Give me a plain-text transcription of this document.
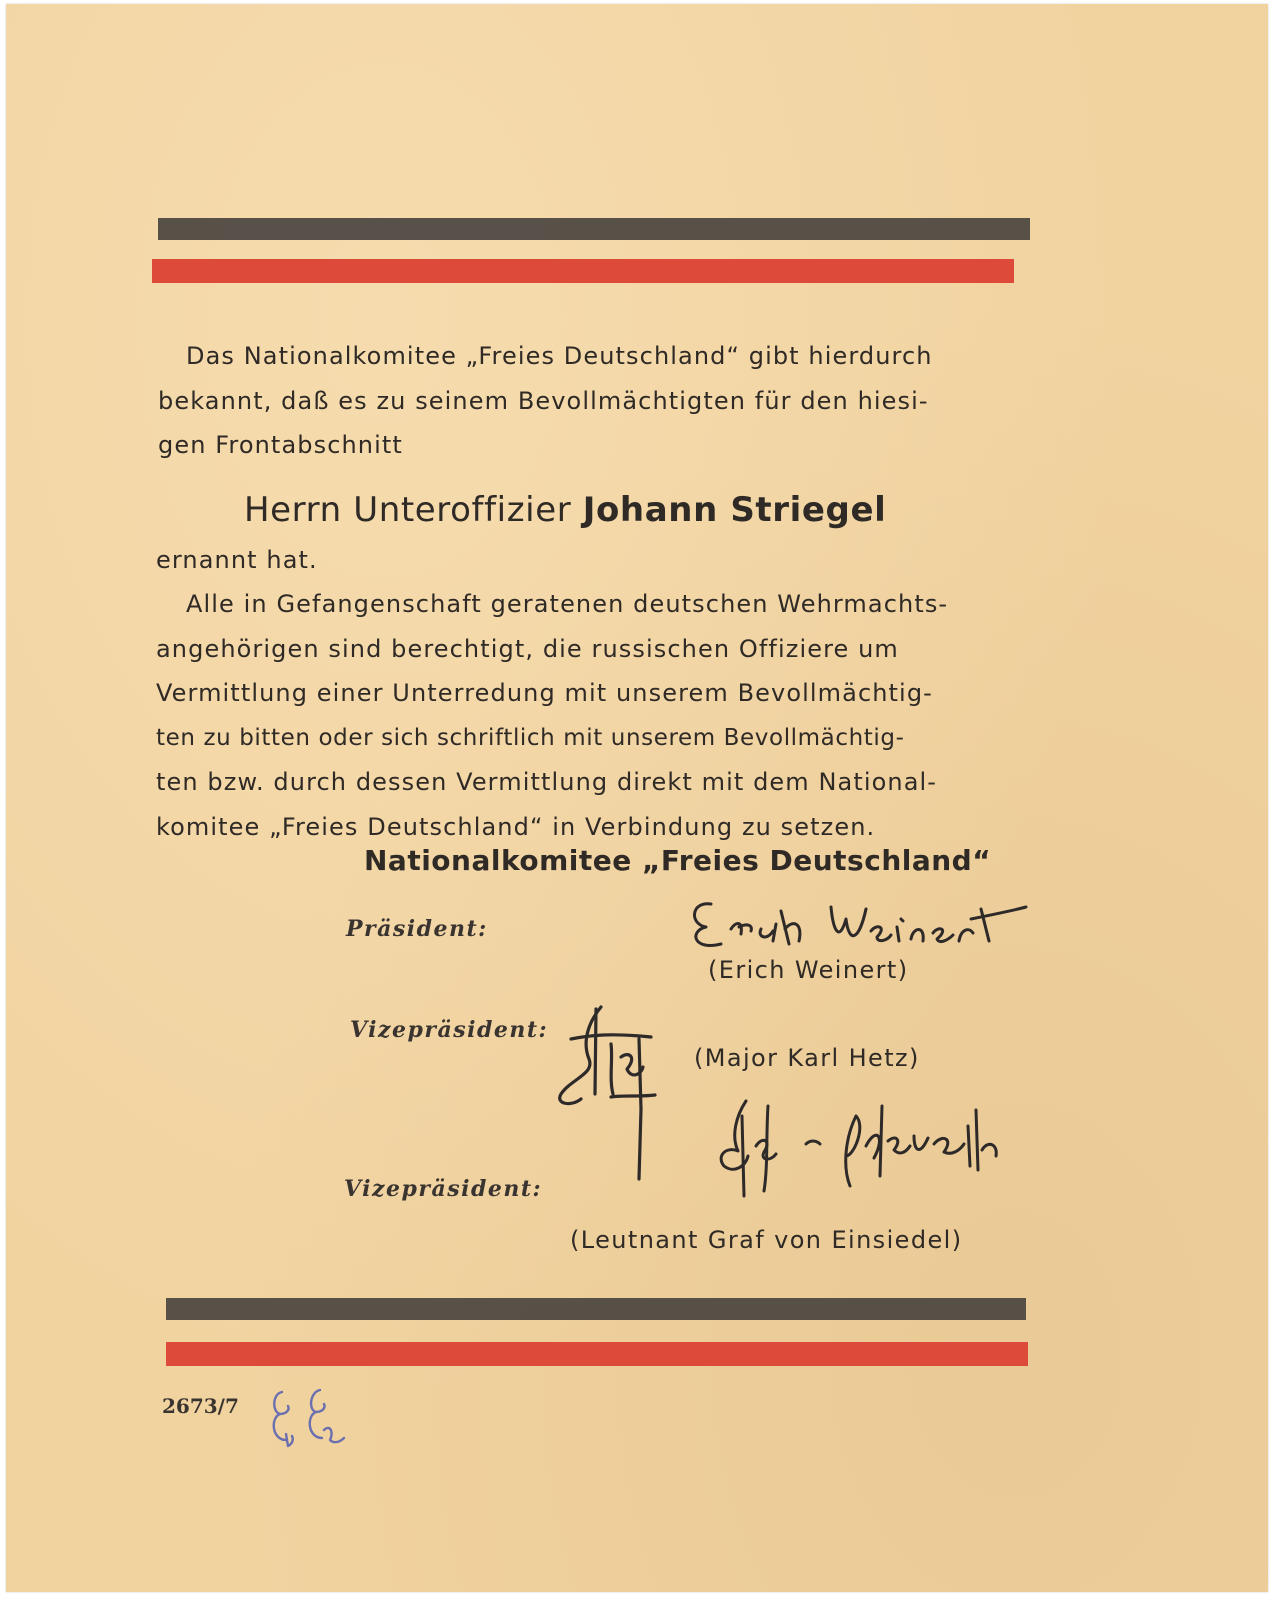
Das Nationalkomitee „Freies Deutschland“ gibt hierdurch
bekannt, daß es zu seinem Bevollmächtigten für den hiesi-
gen Frontabschnitt
Herrn Unteroffizier Johann Striegel
ernannt hat.
Alle in Gefangenschaft geratenen deutschen Wehrmachts-
angehörigen sind berechtigt, die russischen Offiziere um
Vermittlung einer Unterredung mit unserem Bevollmächtig-
ten zu bitten oder sich schriftlich mit unserem Bevollmächtig-
ten bzw. durch dessen Vermittlung direkt mit dem National-
komitee „Freies Deutschland“ in Verbindung zu setzen.
Nationalkomitee „Freies Deutschland“
Präsident:
(Erich Weinert)
Vizepräsident:
(Major Karl Hetz)
Vizepräsident:
(Leutnant Graf von Einsiedel)
2673/7
